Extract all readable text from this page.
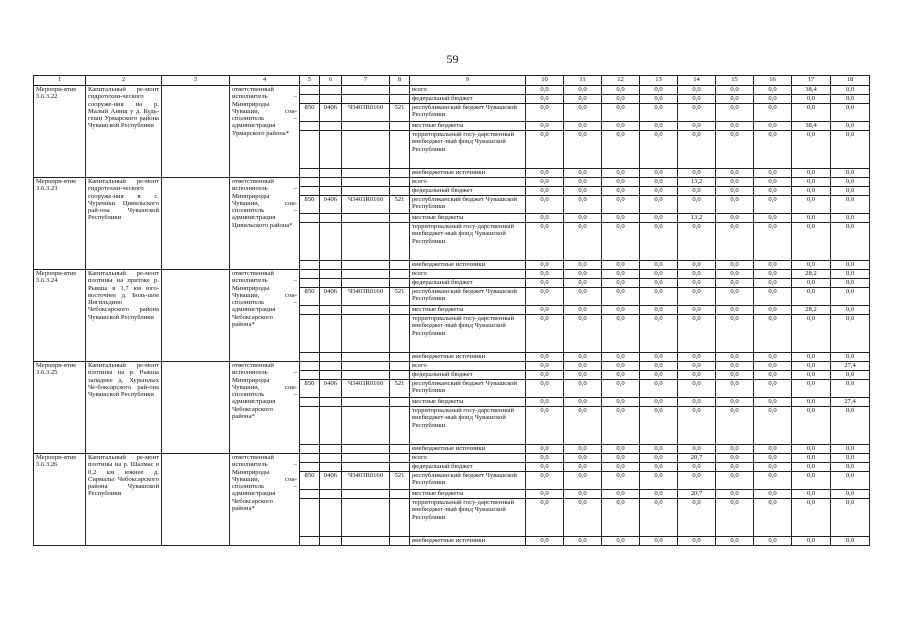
59
1	2	3	4	5	6	7	8	9	10	11	12	13	14	15	16	17	18
Меропри-ятие 3.6.3.22	Капитальный ре-монт гидротехни-ческого сооруже-ния на р. Малый Аниш у д. Кудь-геши Урмарского района Чувашской Республики		ответственный исполнитель – Минприроды Чувашии, сои-сполнитель – администрация Урмарского района*					всего	0,0	0,0	0,0	0,0	0,0	0,0	0,0	38,4	0,0
								федеральный бюджет	0,0	0,0	0,0	0,0	0,0	0,0	0,0	0,0	0,0
				850	0406	Ч3403R0160	521	республиканский бюджет Чувашской Республики	0,0	0,0	0,0	0,0	0,0	0,0	0,0	0,0	0,0
								местные бюджеты	0,0	0,0	0,0	0,0	0,0	0,0	0,0	38,4	0,0
								территориальный госу-дарственный внебюджет-ный фонд Чувашской Республики	0,0	0,0	0,0	0,0	0,0	0,0	0,0	0,0	0,0
								внебюджетные источники	0,0	0,0	0,0	0,0	0,0	0,0	0,0	0,0	0,0
Меропри-ятие 3.6.3.23	Капитальный ре-монт гидротехни-ческого сооруже-ния в с. Чурачики Цивильского рай-она Чувашской Республики		ответственный исполнитель – Минприроды Чувашии, сои-сполнитель – администрация Цивильского района*					всего	0,0	0,0	0,0	0,0	13,2	0,0	0,0	0,0	0,0
								федеральный бюджет	0,0	0,0	0,0	0,0	0,0	0,0	0,0	0,0	0,0
				850	0406	Ч3403R0160	521	республиканский бюджет Чувашской Республики	0,0	0,0	0,0	0,0	0,0	0,0	0,0	0,0	0,0
								местные бюджеты	0,0	0,0	0,0	0,0	13,2	0,0	0,0	0,0	0,0
								территориальный госу-дарственный внебюджет-ный фонд Чувашской Республики	0,0	0,0	0,0	0,0	0,0	0,0	0,0	0,0	0,0
								внебюджетные источники	0,0	0,0	0,0	0,0	0,0	0,0	0,0	0,0	0,0
Меропри-ятие 3.6.3.24	Капитальный ре-монт плотины на притоке р. Рыкша в 1,7 км юго-восточнее д. Боль-шое Янгильдино Чебоксарского района Чувашской Республики		ответственный исполнитель – Минприроды Чувашии, сои-сполнитель – администрация Чебоксарского района*					всего	0,0	0,0	0,0	0,0	0,0	0,0	0,0	28,2	0,0
								федеральный бюджет	0,0	0,0	0,0	0,0	0,0	0,0	0,0	0,0	0,0
				850	0406	Ч3403R0160	521	республиканский бюджет Чувашской Республики	0,0	0,0	0,0	0,0	0,0	0,0	0,0	0,0	0,0
								местные бюджеты	0,0	0,0	0,0	0,0	0,0	0,0	0,0	28,2	0,0
								территориальный госу-дарственный внебюджет-ный фонд Чувашской Республики	0,0	0,0	0,0	0,0	0,0	0,0	0,0	0,0	0,0
								внебюджетные источники	0,0	0,0	0,0	0,0	0,0	0,0	0,0	0,0	0,0
Меропри-ятие 3.6.3.25	Капитальный ре-монт плотины на р. Рыкша западнее д. Хурынлых Че-боксарского рай-она Чувашской Республики		ответственный исполнитель – Минприроды Чувашии, сои-сполнитель – администрация Чебоксарского района*					всего	0,0	0,0	0,0	0,0	0,0	0,0	0,0	0,0	27,4
								федеральный бюджет	0,0	0,0	0,0	0,0	0,0	0,0	0,0	0,0	0,0
				850	0406	Ч3403R0160	521	республиканский бюджет Чувашской Республики	0,0	0,0	0,0	0,0	0,0	0,0	0,0	0,0	0,0
								местные бюджеты	0,0	0,0	0,0	0,0	0,0	0,0	0,0	0,0	27,4
								территориальный госу-дарственный внебюджет-ный фонд Чувашской Республики	0,0	0,0	0,0	0,0	0,0	0,0	0,0	0,0	0,0
								внебюджетные источники	0,0	0,0	0,0	0,0	0,0	0,0	0,0	0,0	0,0
Меропри-ятие 3.6.3.26	Капитальный ре-монт плотины на р. Шалмас в 0,2 км южнее д. Сирмалы Чебоксарского района Чувашской Республики		ответственный исполнитель – Минприроды Чувашии, сои-сполнитель – администрация Чебоксарского района*					всего	0,0	0,0	0,0	0,0	20,7	0,0	0,0	0,0	0,0
								федеральный бюджет	0,0	0,0	0,0	0,0	0,0	0,0	0,0	0,0	0,0
				850	0406	Ч3403R0160	521	республиканский бюджет Чувашской Республики	0,0	0,0	0,0	0,0	0,0	0,0	0,0	0,0	0,0
								местные бюджеты	0,0	0,0	0,0	0,0	20,7	0,0	0,0	0,0	0,0
								территориальный госу-дарственный внебюджет-ный фонд Чувашской Республики	0,0	0,0	0,0	0,0	0,0	0,0	0,0	0,0	0,0
								внебюджетные источники	0,0	0,0	0,0	0,0	0,0	0,0	0,0	0,0	0,0
